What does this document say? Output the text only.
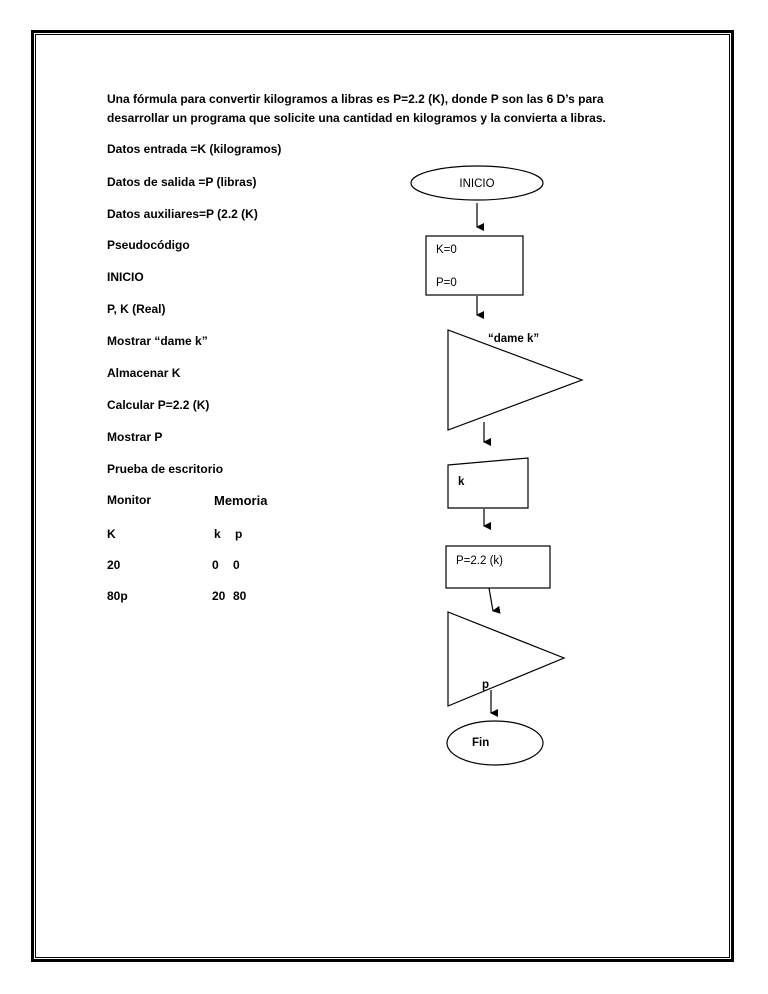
Una fórmula para convertir kilogramos a libras es P=2.2 (K), donde P son las 6 D’s para
desarrollar un programa que solicite una cantidad en kilogramos y la convierta a libras.
Datos entrada =K (kilogramos)
Datos de salida =P (libras)
Datos auxiliares=P (2.2 (K)
Pseudocódigo
INICIO
P, K (Real)
Mostrar “dame k”
Almacenar K
Calcular P=2.2 (K)
Mostrar P
Prueba de escritorio
Monitor	Memoria
K	k p
20	0 0
80p	20 80
INICIO
K=0
P=0
“dame k”
k
P=2.2 (k)
p
Fin
